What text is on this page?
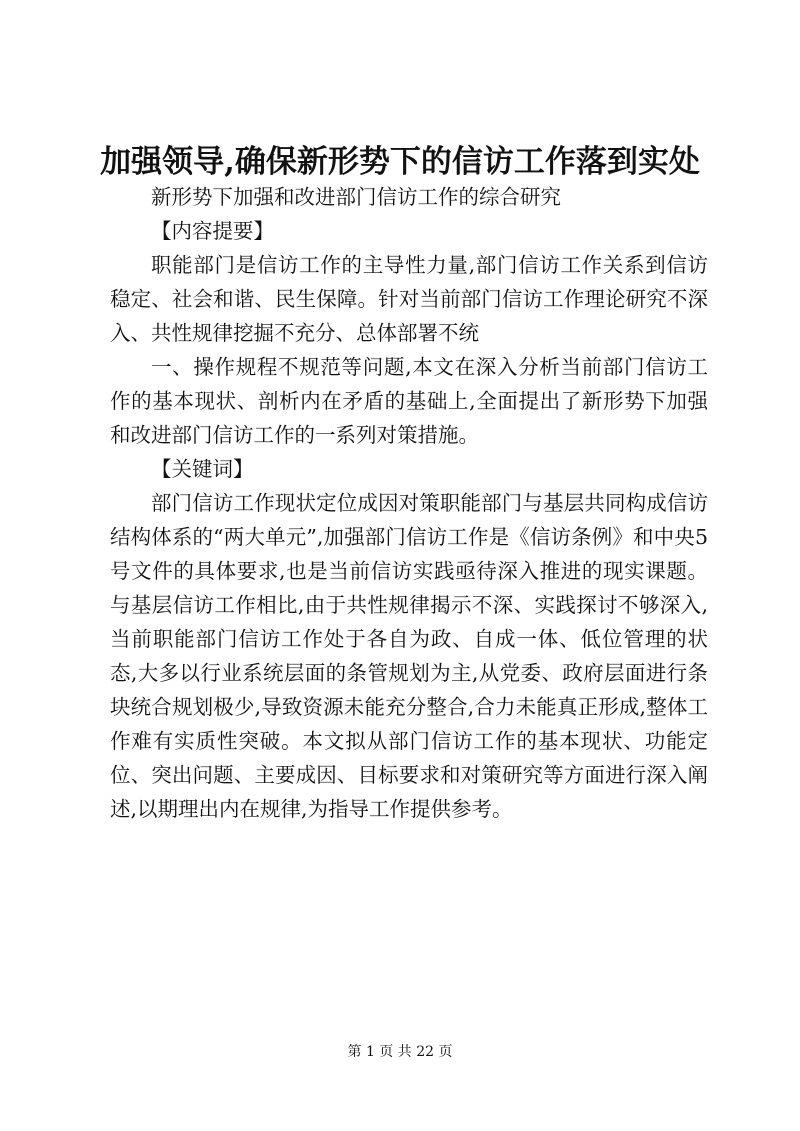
加强领导,确保新形势下的信访工作落到实处

新形势下加强和改进部门信访工作的综合研究

【内容提要】

职能部门是信访工作的主导性力量,部门信访工作关系到信访稳定、社会和谐、民生保障。针对当前部门信访工作理论研究不深入、共性规律挖掘不充分、总体部署不统

一、操作规程不规范等问题,本文在深入分析当前部门信访工作的基本现状、剖析内在矛盾的基础上,全面提出了新形势下加强和改进部门信访工作的一系列对策措施。

【关键词】

部门信访工作现状定位成因对策职能部门与基层共同构成信访结构体系的“两大单元”,加强部门信访工作是《信访条例》和中央5号文件的具体要求,也是当前信访实践亟待深入推进的现实课题。与基层信访工作相比,由于共性规律揭示不深、实践探讨不够深入,当前职能部门信访工作处于各自为政、自成一体、低位管理的状态,大多以行业系统层面的条管规划为主,从党委、政府层面进行条块统合规划极少,导致资源未能充分整合,合力未能真正形成,整体工作难有实质性突破。本文拟从部门信访工作的基本现状、功能定位、突出问题、主要成因、目标要求和对策研究等方面进行深入阐述,以期理出内在规律,为指导工作提供参考。

第 1 页 共 22 页
